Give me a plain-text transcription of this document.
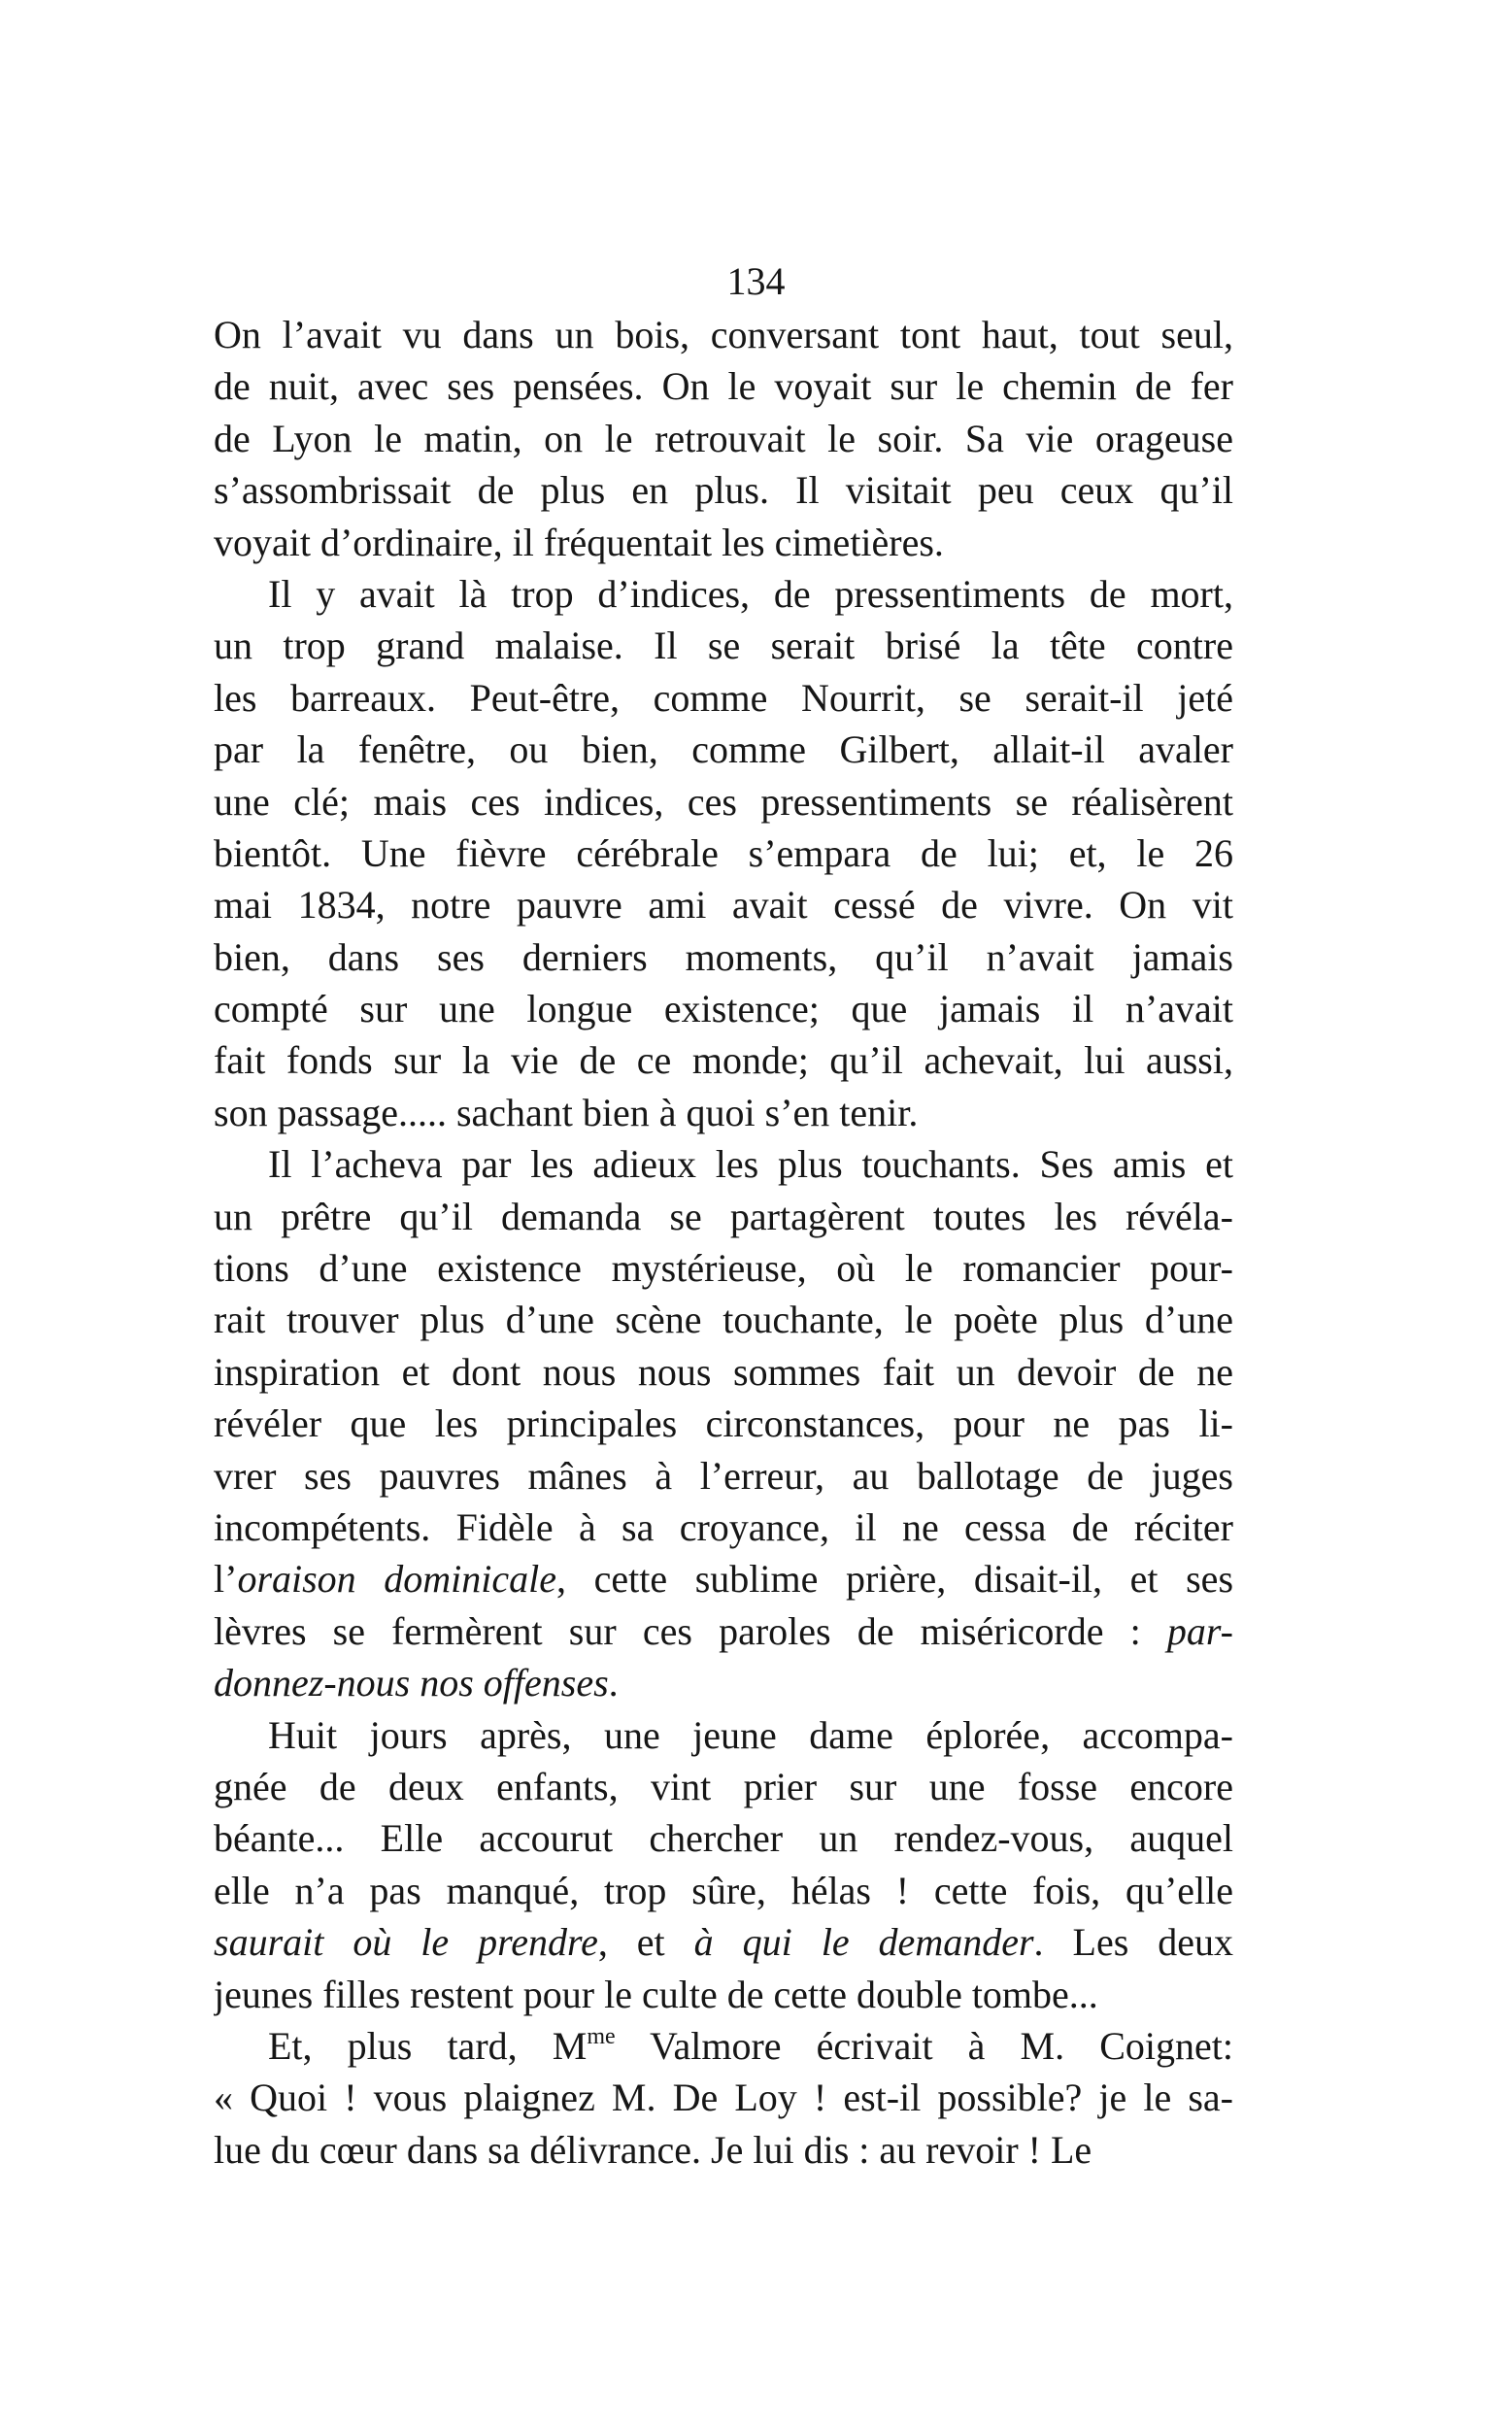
134
On l’avait vu dans un bois, conversant tont haut, tout seul,
de nuit, avec ses pensées. On le voyait sur le chemin de fer
de Lyon le matin, on le retrouvait le soir. Sa vie orageuse
s’assombrissait de plus en plus. Il visitait peu ceux qu’il
voyait d’ordinaire, il fréquentait les cimetières.
Il y avait là trop d’indices, de pressentiments de mort,
un trop grand malaise. Il se serait brisé la tête contre
les barreaux. Peut-être, comme Nourrit, se serait-il jeté
par la fenêtre, ou bien, comme Gilbert, allait-il avaler
une clé; mais ces indices, ces pressentiments se réalisèrent
bientôt. Une fièvre cérébrale s’empara de lui; et, le 26
mai 1834, notre pauvre ami avait cessé de vivre. On vit
bien, dans ses derniers moments, qu’il n’avait jamais
compté sur une longue existence; que jamais il n’avait
fait fonds sur la vie de ce monde; qu’il achevait, lui aussi,
son passage..... sachant bien à quoi s’en tenir.
Il l’acheva par les adieux les plus touchants. Ses amis et
un prêtre qu’il demanda se partagèrent toutes les révéla-
tions d’une existence mystérieuse, où le romancier pour-
rait trouver plus d’une scène touchante, le poète plus d’une
inspiration et dont nous nous sommes fait un devoir de ne
révéler que les principales circonstances, pour ne pas li-
vrer ses pauvres mânes à l’erreur, au ballotage de juges
incompétents. Fidèle à sa croyance, il ne cessa de réciter
l’oraison dominicale, cette sublime prière, disait-il, et ses
lèvres se fermèrent sur ces paroles de miséricorde : par-
donnez-nous nos offenses.
Huit jours après, une jeune dame éplorée, accompa-
gnée de deux enfants, vint prier sur une fosse encore
béante... Elle accourut chercher un rendez-vous, auquel
elle n’a pas manqué, trop sûre, hélas ! cette fois, qu’elle
saurait où le prendre, et à qui le demander. Les deux
jeunes filles restent pour le culte de cette double tombe...
Et, plus tard, $M^{me}$ Valmore écrivait à M. Coignet:
« Quoi ! vous plaignez M. De Loy ! est-il possible? je le sa-
lue du cœur dans sa délivrance. Je lui dis : au revoir ! Le
